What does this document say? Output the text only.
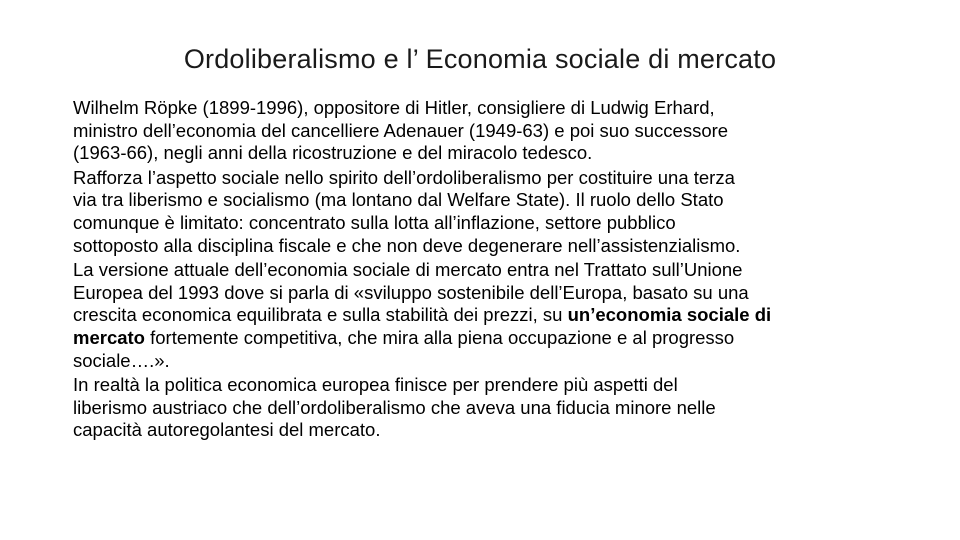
Ordoliberalismo e l’ Economia sociale di mercato

Wilhelm Röpke (1899-1996), oppositore di Hitler, consigliere di Ludwig Erhard,
ministro dell’economia del cancelliere Adenauer (1949-63) e poi suo successore
(1963-66), negli anni della ricostruzione e del miracolo tedesco.

Rafforza l’aspetto sociale nello spirito dell’ordoliberalismo per costituire una terza
via tra liberismo e socialismo (ma lontano dal Welfare State). Il ruolo dello Stato
comunque è limitato: concentrato sulla lotta all’inflazione, settore pubblico
sottoposto alla disciplina fiscale e che non deve degenerare nell’assistenzialismo.

La versione attuale dell’economia sociale di mercato entra nel Trattato sull’Unione
Europea del 1993 dove si parla di «sviluppo sostenibile dell’Europa, basato su una
crescita economica equilibrata e sulla stabilità dei prezzi, su un’economia sociale di
mercato fortemente competitiva, che mira alla piena occupazione e al progresso
sociale….».

In realtà la politica economica europea finisce per prendere più aspetti del
liberismo austriaco che dell’ordoliberalismo che aveva una fiducia minore nelle
capacità autoregolantesi del mercato.
